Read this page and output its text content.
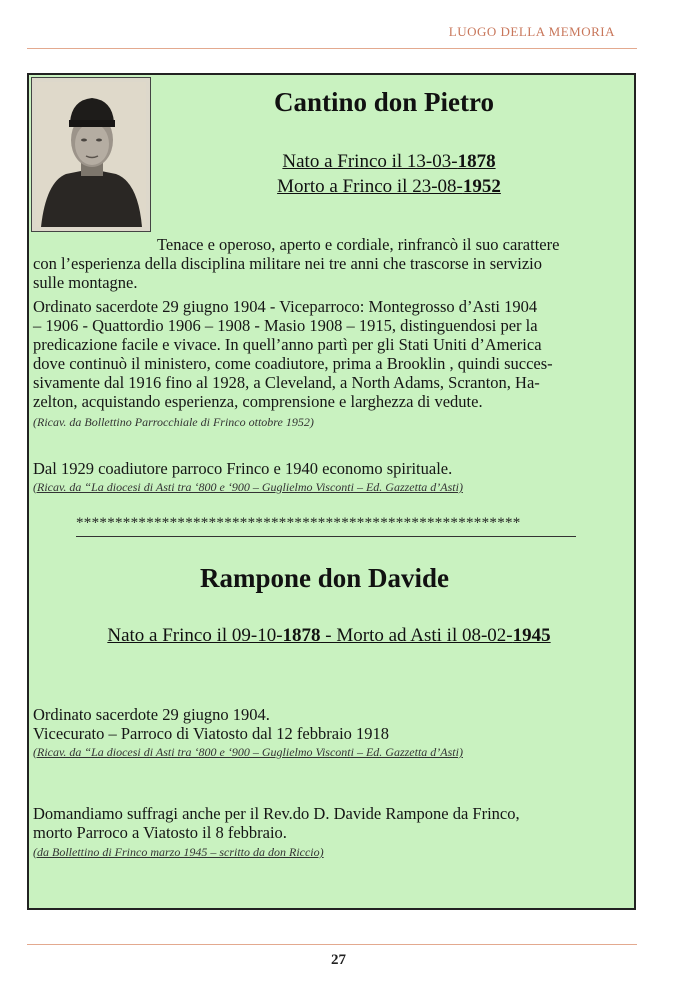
LUOGO DELLA MEMORIA
Cantino don Pietro
Nato a Frinco il 13-03-1878
Morto a Frinco il 23-08-1952
Tenace e operoso, aperto e cordiale, rinfrancò il suo carattere
con l’esperienza della disciplina militare nei tre anni che trascorse in servizio
sulle montagne.
Ordinato sacerdote 29 giugno 1904 - Viceparroco: Montegrosso d’Asti 1904
– 1906 - Quattordio 1906 – 1908 - Masio 1908 – 1915, distinguendosi per la
predicazione facile e vivace. In quell’anno partì per gli Stati Uniti d’America
dove continuò il ministero, come coadiutore, prima a Brooklin , quindi succes-
sivamente dal 1916 fino al 1928, a Cleveland, a North Adams, Scranton, Ha-
zelton, acquistando esperienza, comprensione e larghezza di vedute.
(Ricav. da Bollettino Parrocchiale di Frinco ottobre 1952)
Dal 1929 coadiutore parroco Frinco e 1940 economo spirituale.
(Ricav. da “La diocesi di Asti tra ‘800 e ‘900 – Guglielmo Visconti – Ed. Gazzetta d’Asti)
*********************************************************
Rampone don Davide
Nato a Frinco il 09-10-1878 - Morto ad Asti il 08-02-1945
Ordinato sacerdote 29 giugno 1904.
Vicecurato – Parroco di Viatosto dal 12 febbraio 1918
(Ricav. da “La diocesi di Asti tra ‘800 e ‘900 – Guglielmo Visconti – Ed. Gazzetta d’Asti)
Domandiamo suffragi anche per il Rev.do D. Davide Rampone da Frinco,
morto Parroco a Viatosto il 8 febbraio.
(da Bollettino di Frinco marzo 1945 – scritto da don Riccio)
27
